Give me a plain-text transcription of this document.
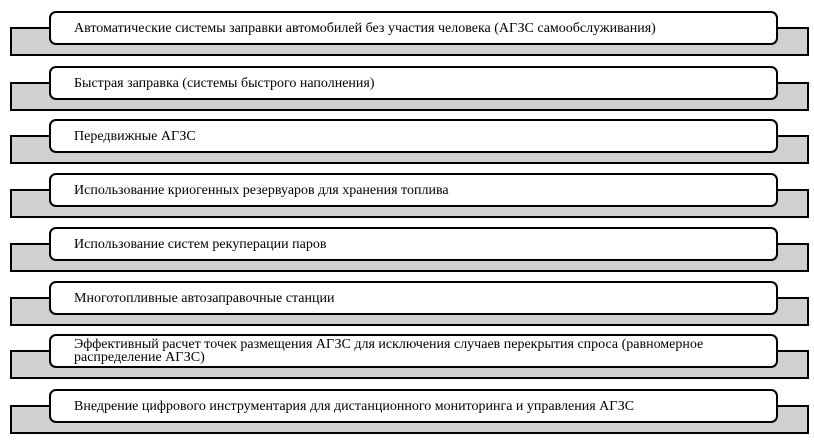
Автоматические системы заправки автомобилей без участия человека (АГЗС самообслуживания)
Быстрая заправка (системы быстрого наполнения)
Передвижные АГЗС
Использование криогенных резервуаров для хранения топлива
Использование систем рекуперации паров
Многотопливные автозаправочные станции
Эффективный расчет точек размещения АГЗС для исключения случаев перекрытия спроса (равномерное распределение АГЗС)
Внедрение цифрового инструментария для дистанционного мониторинга и управления АГЗС
